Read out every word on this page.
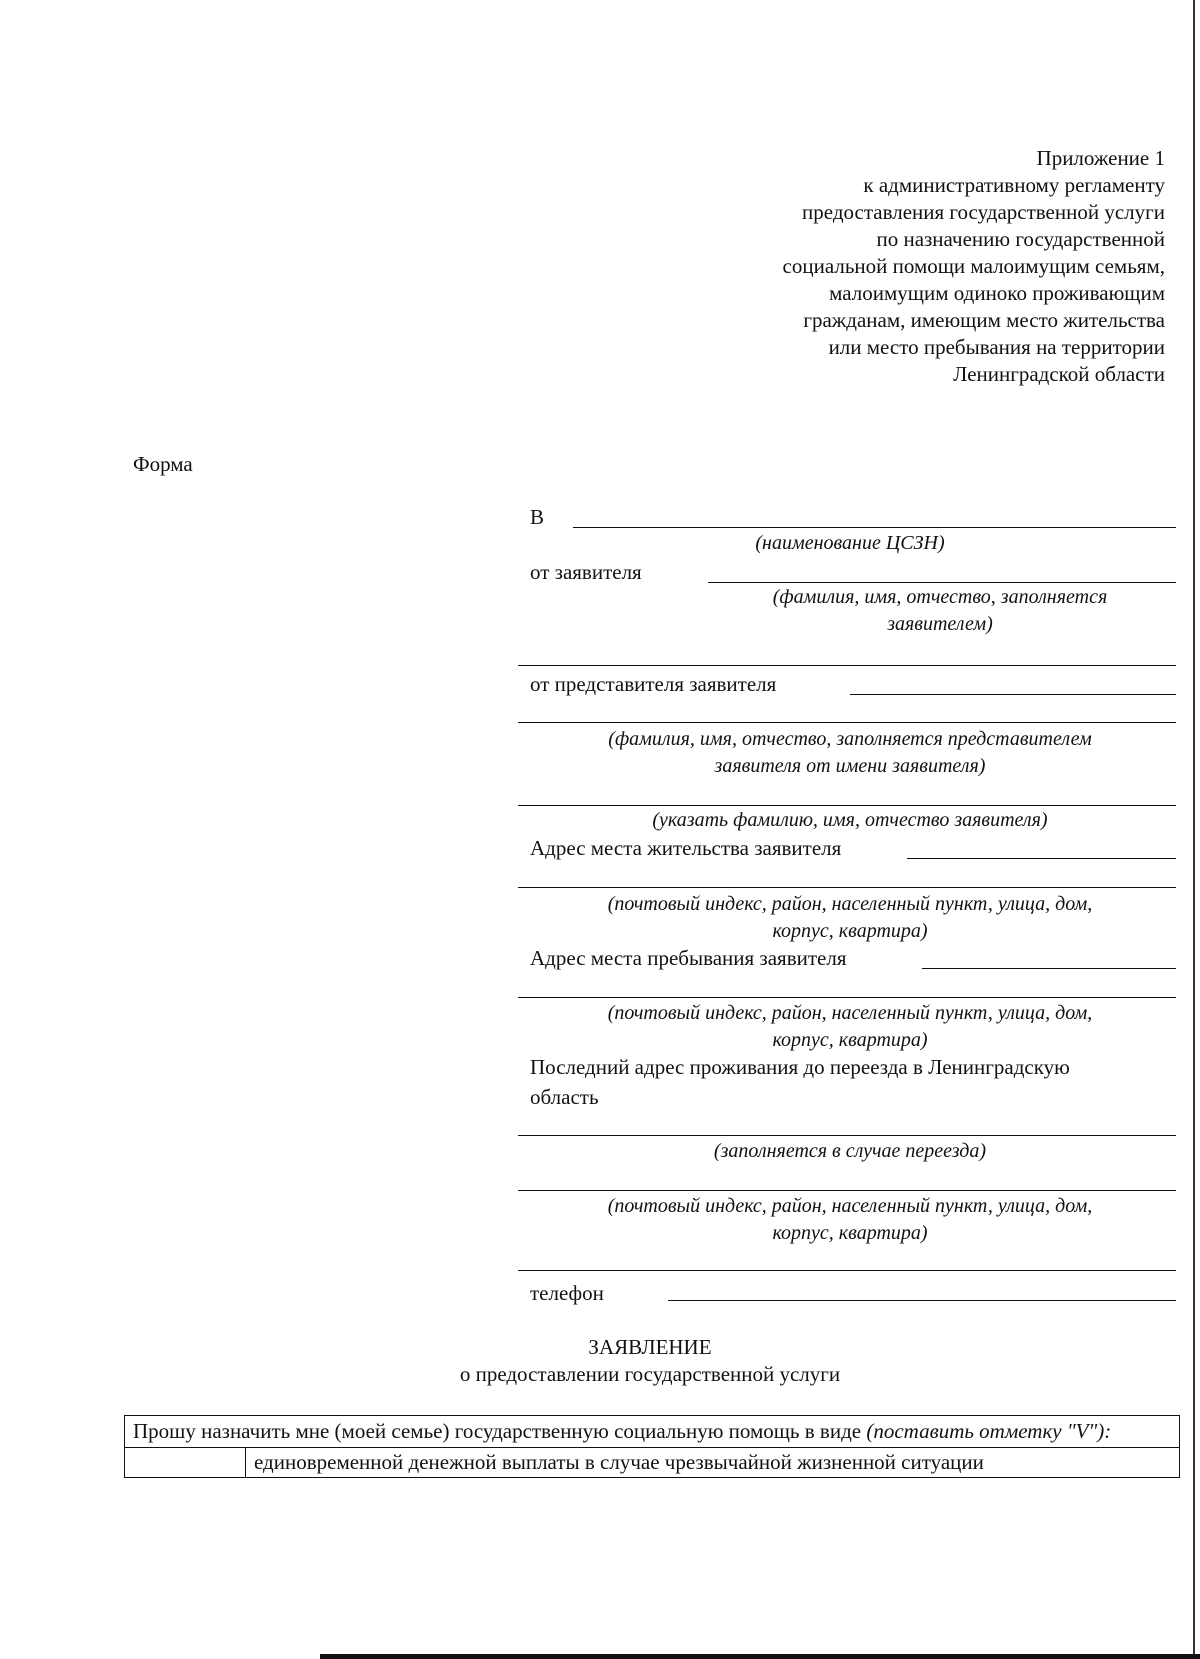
Приложение 1
к административному регламенту
предоставления государственной услуги
по назначению государственной
социальной помощи малоимущим семьям,
малоимущим одиноко проживающим
гражданам, имеющим место жительства
или место пребывания на территории
Ленинградской области
Форма
В
(наименование ЦСЗН)
от заявителя
(фамилия, имя, отчество, заполняется
заявителем)
от представителя заявителя
(фамилия, имя, отчество, заполняется представителем
заявителя от имени заявителя)
(указать фамилию, имя, отчество заявителя)
Адрес места жительства заявителя
(почтовый индекс, район, населенный пункт, улица, дом,
корпус, квартира)
Адрес места пребывания заявителя
(почтовый индекс, район, населенный пункт, улица, дом,
корпус, квартира)
Последний адрес проживания до переезда в Ленинградскую
область
(заполняется в случае переезда)
(почтовый индекс, район, населенный пункт, улица, дом,
корпус, квартира)
телефон
ЗАЯВЛЕНИЕ
о предоставлении государственной услуги
Прошу назначить мне (моей семье) государственную социальную помощь в виде (поставить отметку "V"):
	единовременной денежной выплаты в случае чрезвычайной жизненной ситуации
